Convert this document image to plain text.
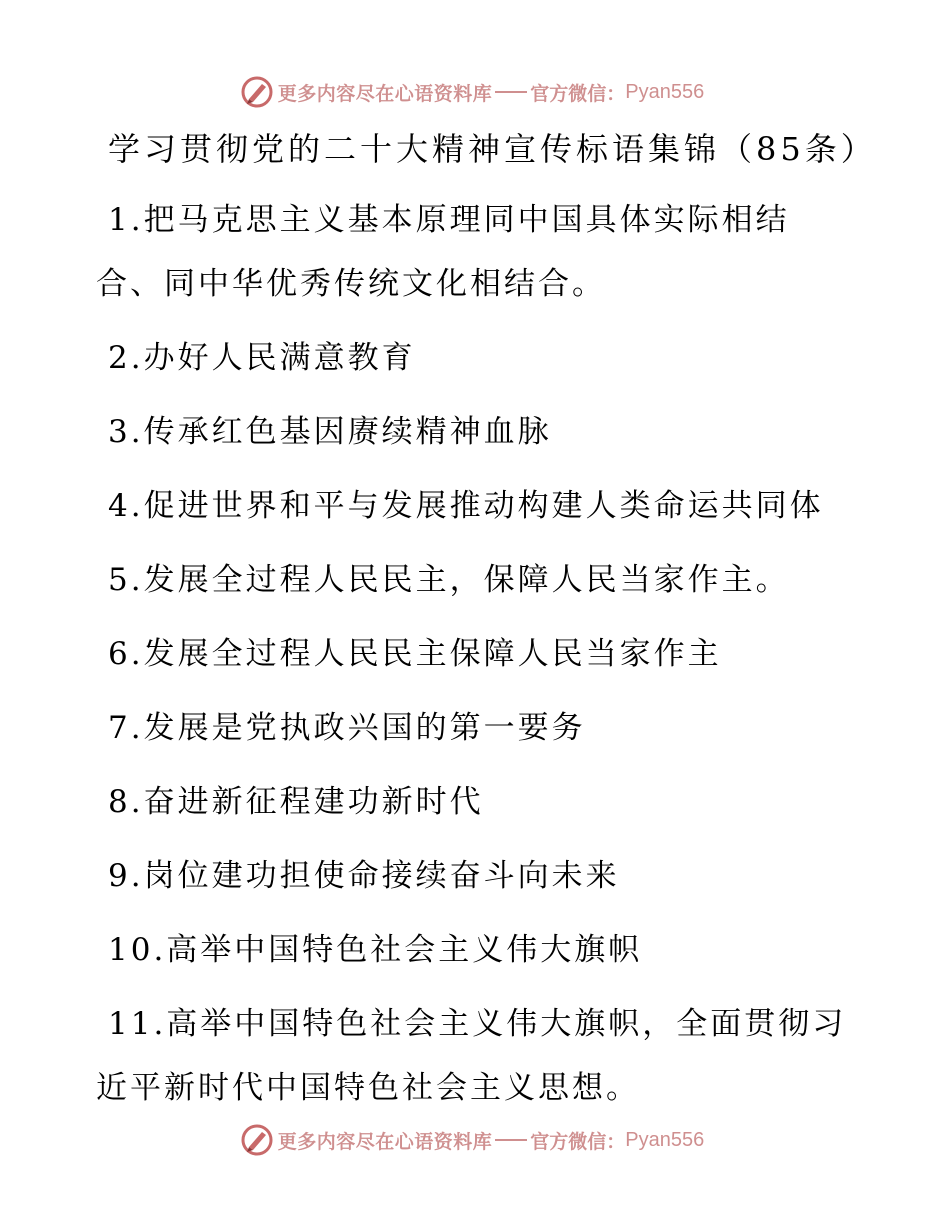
更多内容尽在心语资料库 官方微信： Pyan556
学习贯彻党的二十大精神宣传标语集锦（85条）
1.把马克思主义基本原理同中国具体实际相结
合、同中华优秀传统文化相结合。
2.办好人民满意教育
3.传承红色基因赓续精神血脉
4.促进世界和平与发展推动构建人类命运共同体
5.发展全过程人民民主，保障人民当家作主。
6.发展全过程人民民主保障人民当家作主
7.发展是党执政兴国的第一要务
8.奋进新征程建功新时代
9.岗位建功担使命接续奋斗向未来
10.高举中国特色社会主义伟大旗帜
11.高举中国特色社会主义伟大旗帜，全面贯彻习
近平新时代中国特色社会主义思想。
更多内容尽在心语资料库 官方微信： Pyan556
